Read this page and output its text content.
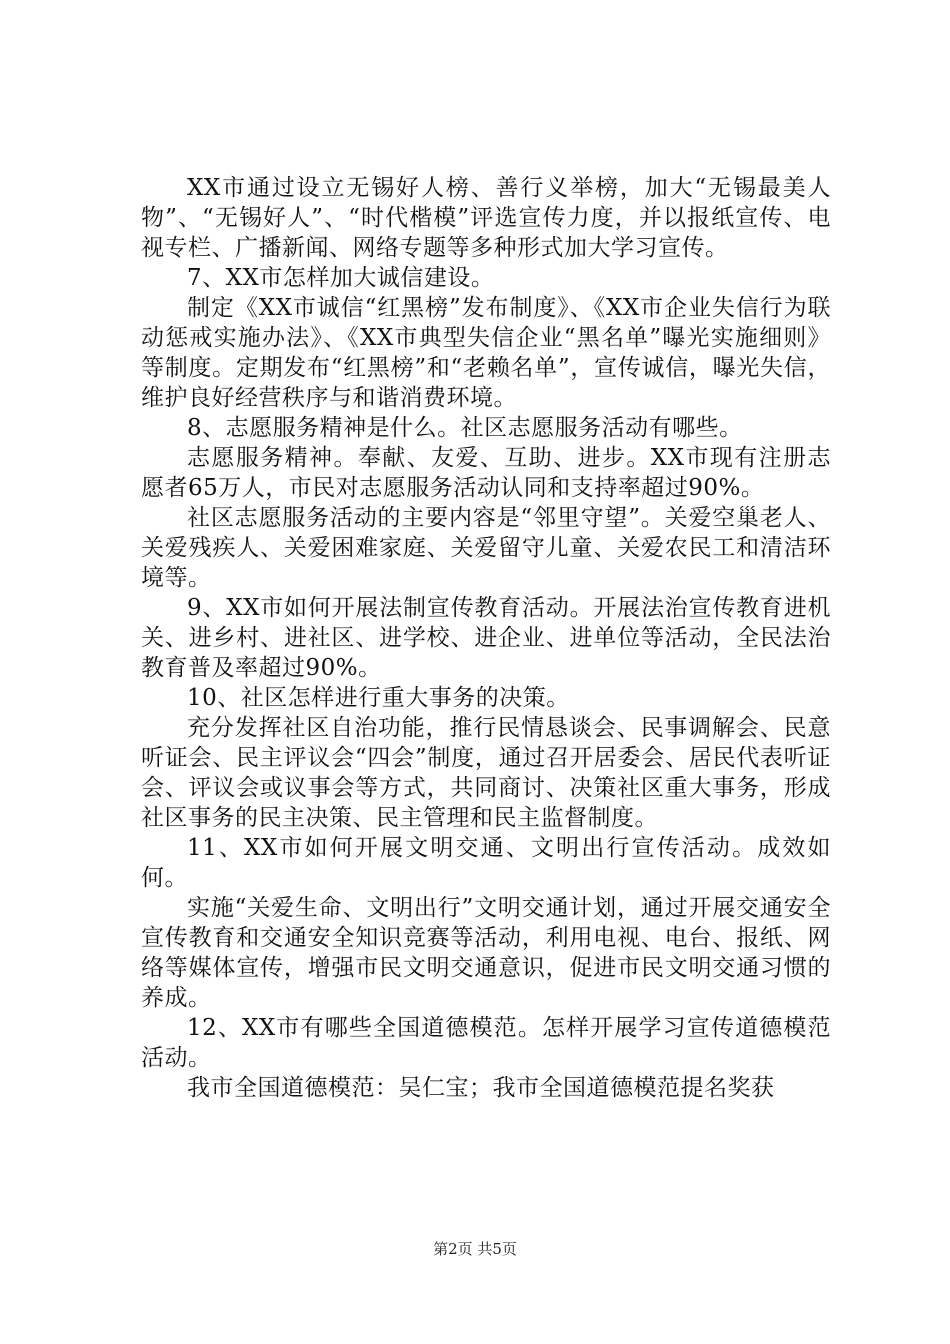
XX市通过设立无锡好人榜、善行义举榜，加大“无锡最美人物”、“无锡好人”、“时代楷模”评选宣传力度，并以报纸宣传、电视专栏、广播新闻、网络专题等多种形式加大学习宣传。

7、XX市怎样加大诚信建设。

制定《XX市诚信“红黑榜”发布制度》、《XX市企业失信行为联动惩戒实施办法》、《XX市典型失信企业“黑名单”曝光实施细则》等制度。定期发布“红黑榜”和“老赖名单”，宣传诚信，曝光失信，维护良好经营秩序与和谐消费环境。

8、志愿服务精神是什么。社区志愿服务活动有哪些。

志愿服务精神。奉献、友爱、互助、进步。XX市现有注册志愿者65万人，市民对志愿服务活动认同和支持率超过90%。

社区志愿服务活动的主要内容是“邻里守望”。关爱空巢老人、关爱残疾人、关爱困难家庭、关爱留守儿童、关爱农民工和清洁环境等。

9、XX市如何开展法制宣传教育活动。开展法治宣传教育进机关、进乡村、进社区、进学校、进企业、进单位等活动，全民法治教育普及率超过90%。

10、社区怎样进行重大事务的决策。

充分发挥社区自治功能，推行民情恳谈会、民事调解会、民意听证会、民主评议会“四会”制度，通过召开居委会、居民代表听证会、评议会或议事会等方式，共同商讨、决策社区重大事务，形成社区事务的民主决策、民主管理和民主监督制度。

11、XX市如何开展文明交通、文明出行宣传活动。成效如何。

实施“关爱生命、文明出行”文明交通计划，通过开展交通安全宣传教育和交通安全知识竞赛等活动，利用电视、电台、报纸、网络等媒体宣传，增强市民文明交通意识，促进市民文明交通习惯的养成。

12、XX市有哪些全国道德模范。怎样开展学习宣传道德模范活动。

我市全国道德模范：吴仁宝；我市全国道德模范提名奖获

第2页 共5页
